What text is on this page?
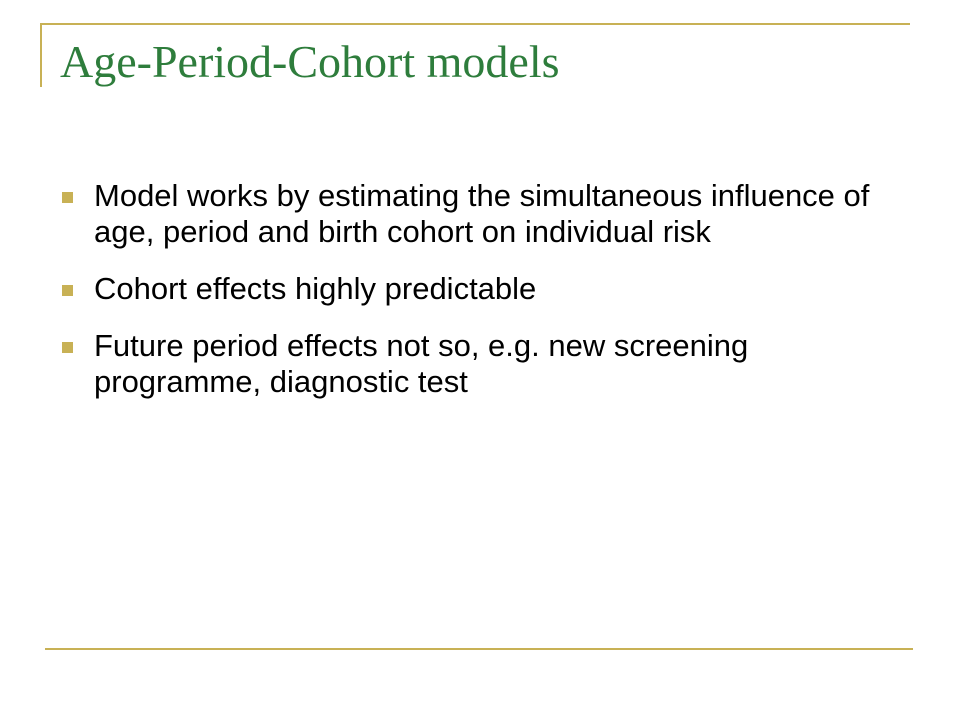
Age-Period-Cohort models
Model works by estimating the simultaneous influence of age, period and birth cohort on individual risk
Cohort effects highly predictable
Future period effects not so, e.g. new screening programme, diagnostic test
